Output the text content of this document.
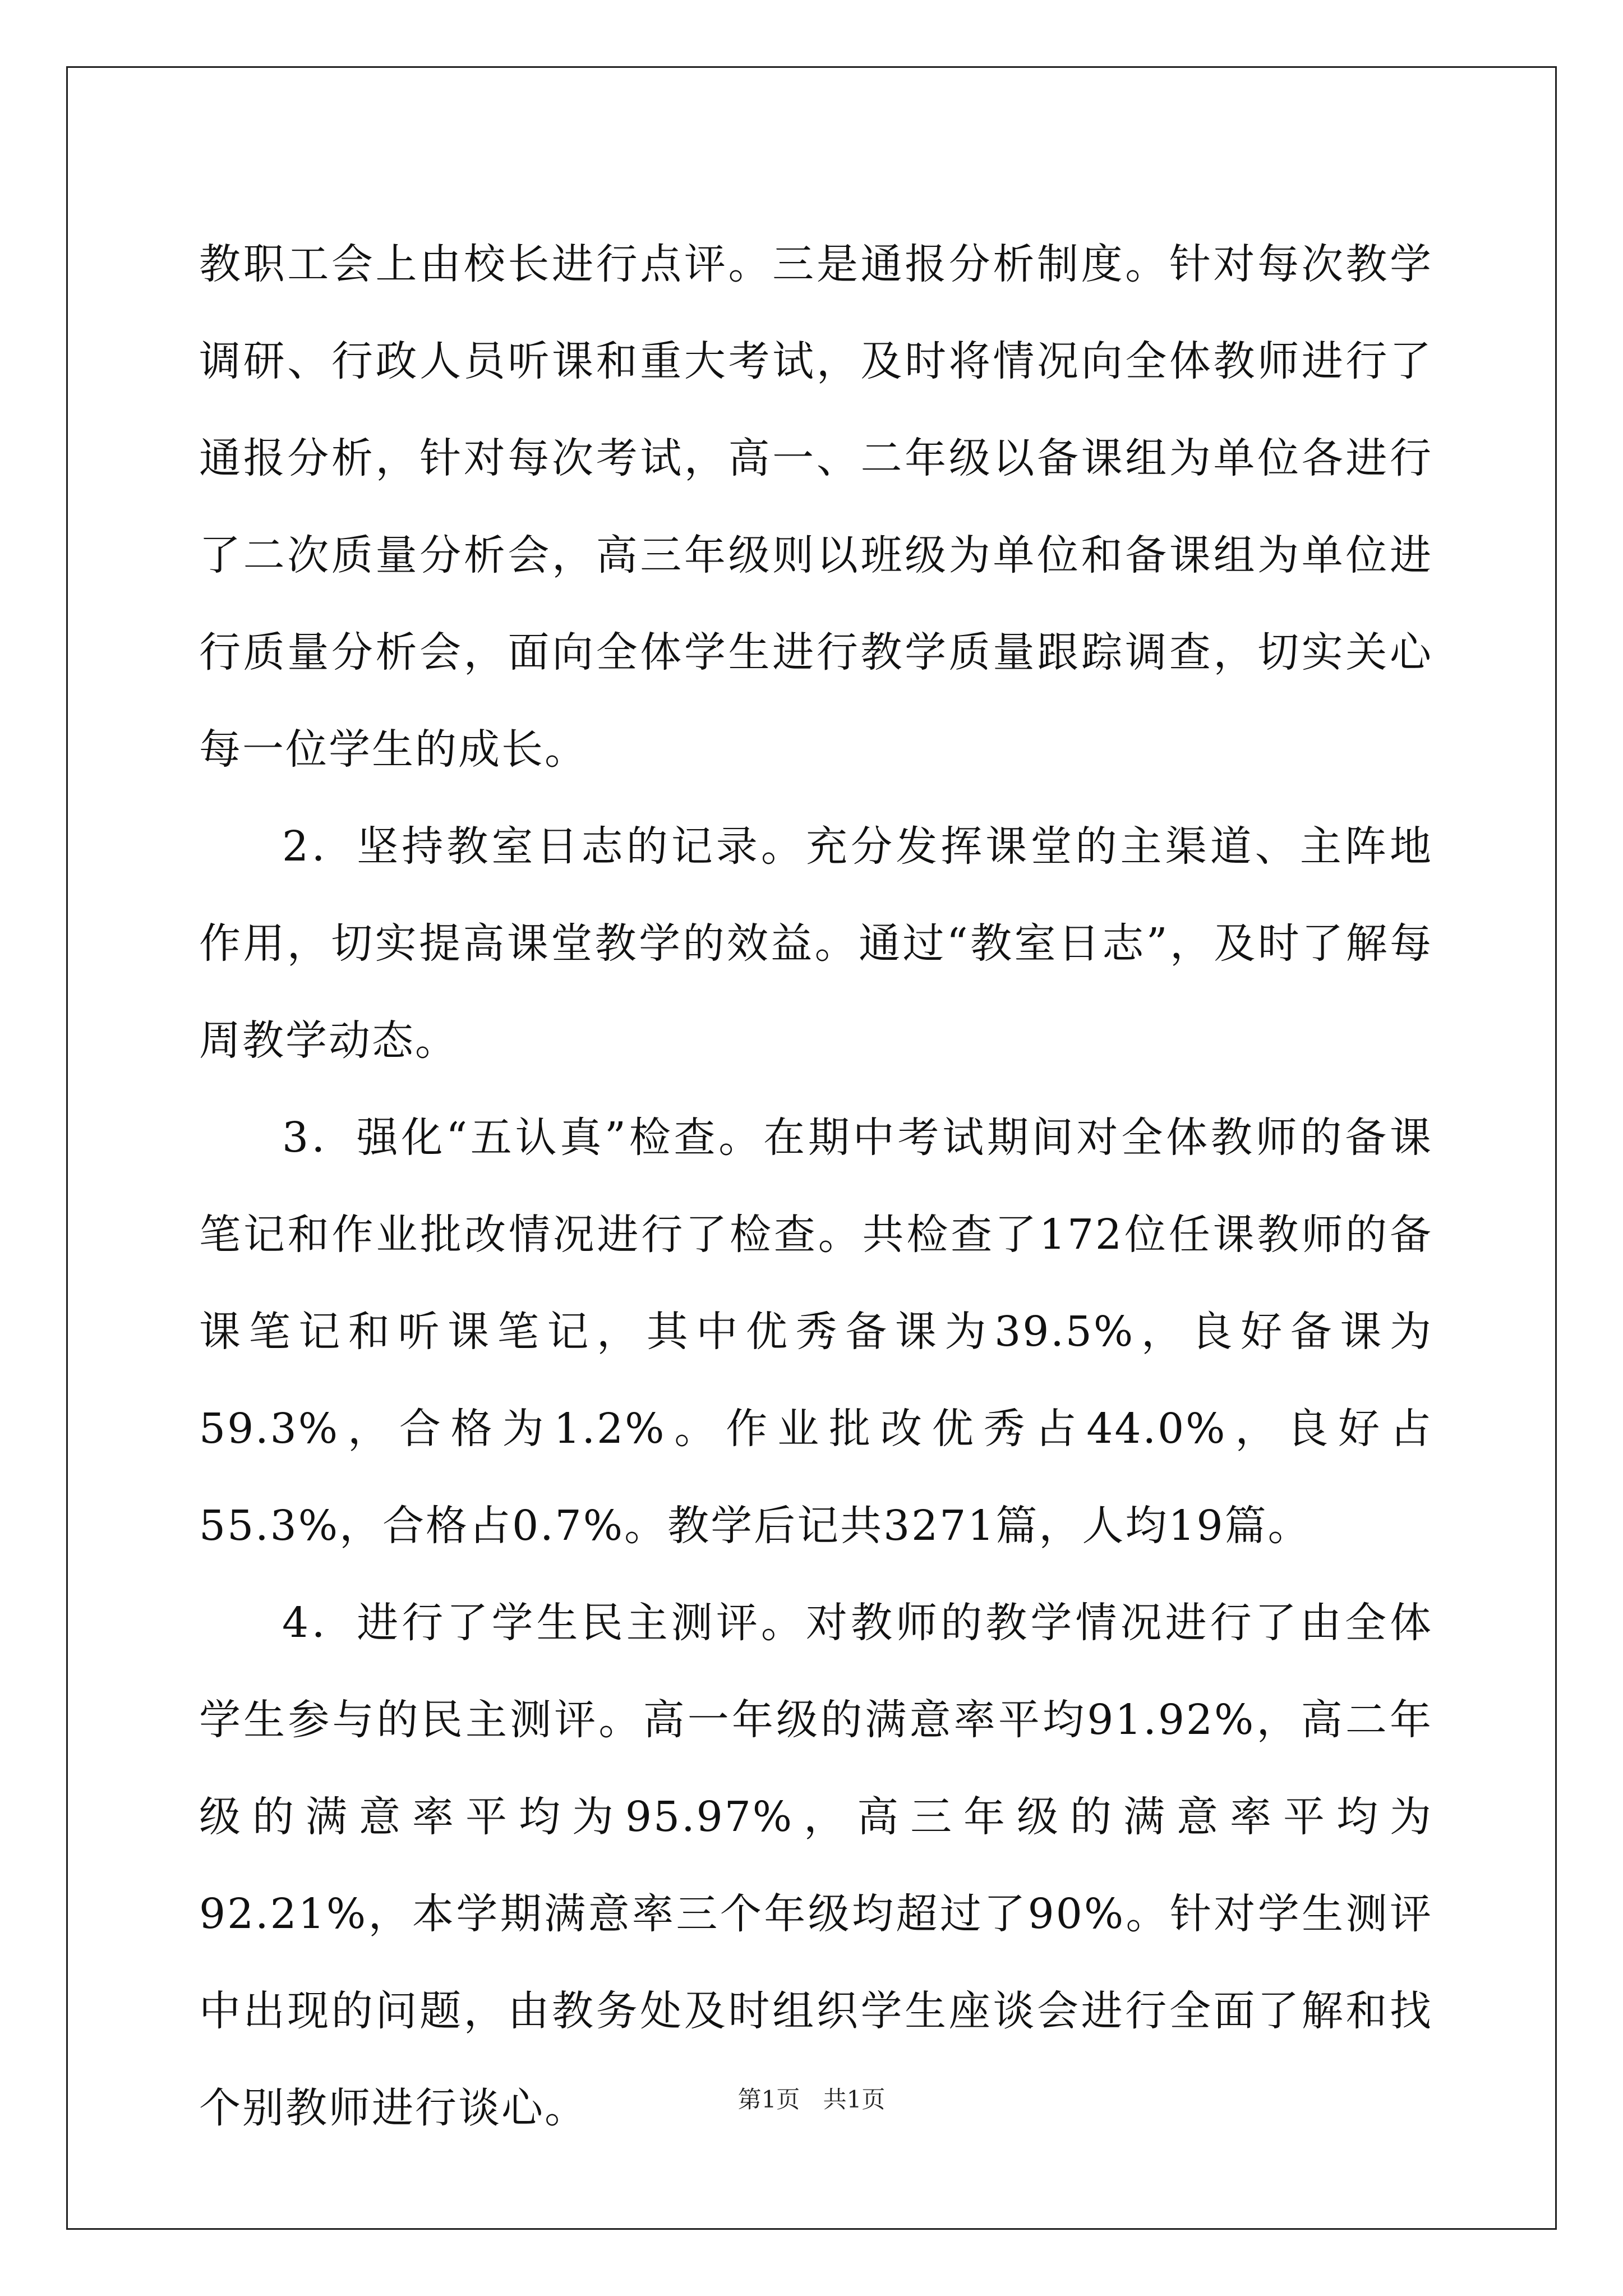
教职工会上由校长进行点评。三是通报分析制度。针对每次教学调研、行政人员听课和重大考试，及时将情况向全体教师进行了通报分析，针对每次考试，高一、二年级以备课组为单位各进行了二次质量分析会，高三年级则以班级为单位和备课组为单位进行质量分析会，面向全体学生进行教学质量跟踪调查，切实关心每一位学生的成长。

2．坚持教室日志的记录。充分发挥课堂的主渠道、主阵地作用，切实提高课堂教学的效益。通过“教室日志”，及时了解每周教学动态。

3．强化“五认真”检查。在期中考试期间对全体教师的备课笔记和作业批改情况进行了检查。共检查了172位任课教师的备课笔记和听课笔记，其中优秀备课为39.5%，良好备课为59.3%，合格为1.2%。作业批改优秀占44.0%，良好占55.3%，合格占0.7%。教学后记共3271篇，人均19篇。

4．进行了学生民主测评。对教师的教学情况进行了由全体学生参与的民主测评。高一年级的满意率平均91.92%，高二年级的满意率平均为95.97%，高三年级的满意率平均为92.21%，本学期满意率三个年级均超过了90%。针对学生测评中出现的问题，由教务处及时组织学生座谈会进行全面了解和找个别教师进行谈心。	第1页 共1页
